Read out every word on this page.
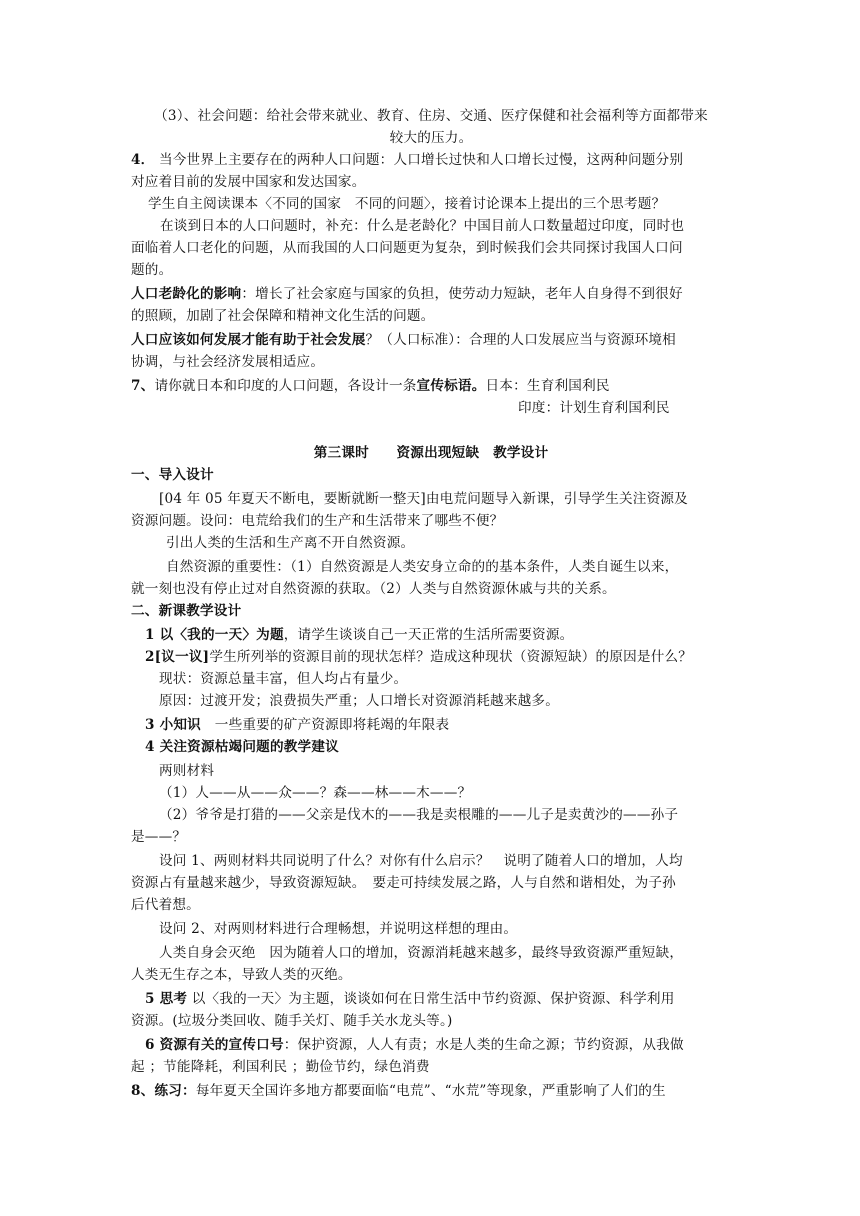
（3）、社会问题：给社会带来就业、教育、住房、交通、医疗保健和社会福利等方面都带来
较大的压力。
4． 当今世界上主要存在的两种人口问题：人口增长过快和人口增长过慢，这两种问题分别
对应着目前的发展中国家和发达国家。
学生自主阅读课本〈不同的国家　不同的问题〉，接着讨论课本上提出的三个思考题？
在谈到日本的人口问题时，补充：什么是老龄化？中国目前人口数量超过印度，同时也
面临着人口老化的问题，从而我国的人口问题更为复杂，到时候我们会共同探讨我国人口问
题的。
人口老龄化的影响：增长了社会家庭与国家的负担，使劳动力短缺，老年人自身得不到很好
的照顾，加剧了社会保障和精神文化生活的问题。
人口应该如何发展才能有助于社会发展？（人口标准）：合理的人口发展应当与资源环境相
协调，与社会经济发展相适应。
7、请你就日本和印度的人口问题，各设计一条宣传标语。日本：生育利国利民
印度：计划生育利国利民
第三课时　　资源出现短缺　教学设计
一、导入设计
[04 年 05 年夏天不断电，要断就断一整天]由电荒问题导入新课，引导学生关注资源及
资源问题。设问：电荒给我们的生产和生活带来了哪些不便？
引出人类的生活和生产离不开自然资源。
自然资源的重要性：（1）自然资源是人类安身立命的的基本条件，人类自诞生以来，
就一刻也没有停止过对自然资源的获取。（2）人类与自然资源休戚与共的关系。
二、新课教学设计
1 以〈我的一天〉为题，请学生谈谈自己一天正常的生活所需要资源。
2[议一议]学生所列举的资源目前的现状怎样？造成这种现状（资源短缺）的原因是什么？
现状：资源总量丰富，但人均占有量少。
原因：过渡开发；浪费损失严重；人口增长对资源消耗越来越多。
3 小知识　一些重要的矿产资源即将耗竭的年限表
4 关注资源枯竭问题的教学建议
两则材料
（1）人——从——众——？森——林——木——？
（2）爷爷是打猎的——父亲是伐木的——我是卖根雕的——儿子是卖黄沙的——孙子
是——？
设问 1、两则材料共同说明了什么？对你有什么启示？　说明了随着人口的增加，人均
资源占有量越来越少，导致资源短缺。　要走可持续发展之路，人与自然和谐相处，为子孙
后代着想。
设问 2、对两则材料进行合理畅想，并说明这样想的理由。
人类自身会灭绝　因为随着人口的增加，资源消耗越来越多，最终导致资源严重短缺，
人类无生存之本，导致人类的灭绝。
5 思考 以〈我的一天〉为主题，谈谈如何在日常生活中节约资源、保护资源、科学利用
资源。(垃圾分类回收、随手关灯、随手关水龙头等。)
6 资源有关的宣传口号：保护资源，人人有责；水是人类的生命之源；节约资源，从我做
起 ；节能降耗，利国利民 ；勤俭节约，绿色消费
8、练习：每年夏天全国许多地方都要面临“电荒”、“水荒”等现象，严重影响了人们的生
